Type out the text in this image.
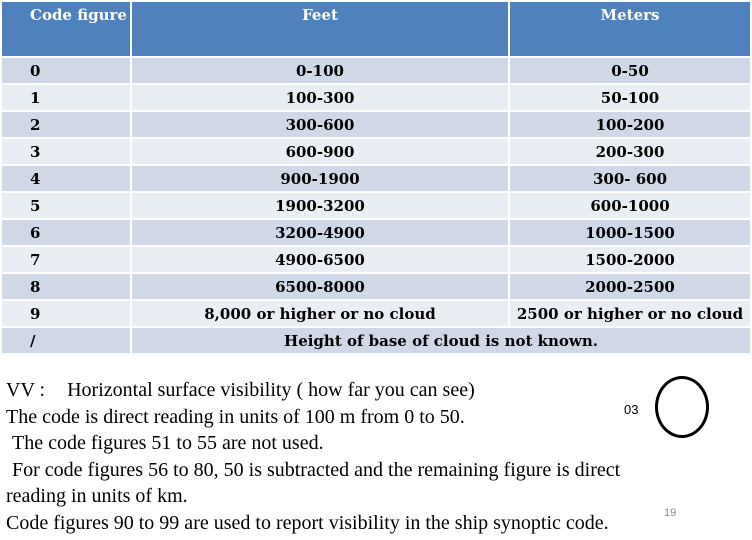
Code figure	Feet	Meters
0	0-100	0-50
1	100-300	50-100
2	300-600	100-200
3	600-900	200-300
4	900-1900	300- 600
5	1900-3200	600-1000
6	3200-4900	1000-1500
7	4900-6500	1500-2000
8	6500-8000	2000-2500
9	8,000 or higher or no cloud	2500 or higher or no cloud
/	Height of base of cloud is not known.	
VV : Horizontal surface visibility ( how far you can see)
The code is direct reading in units of 100 m from 0 to 50.
The code figures 51 to 55 are not used.
For code figures 56 to 80, 50 is subtracted and the remaining figure is direct
reading in units of km.
Code figures 90 to 99 are used to report visibility in the ship synoptic code.
03
19
